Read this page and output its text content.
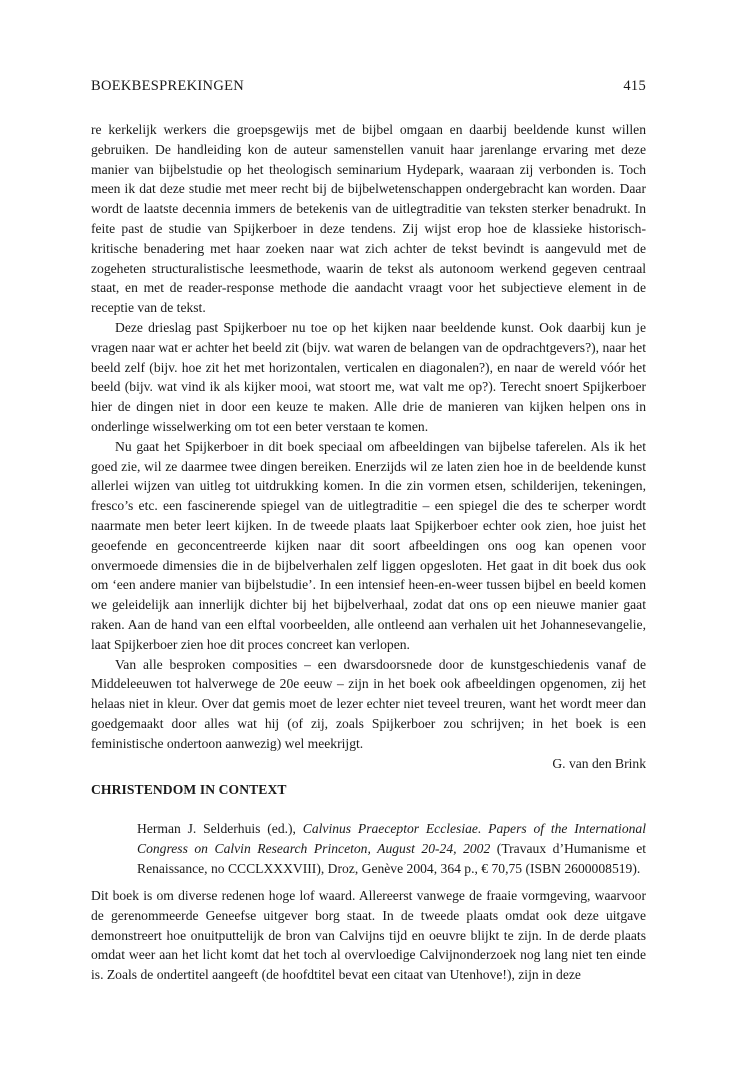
BOEKBESPREKINGEN	415

re kerkelijk werkers die groepsgewijs met de bijbel omgaan en daarbij beeldende kunst willen gebruiken. De handleiding kon de auteur samenstellen vanuit haar jarenlange ervaring met deze manier van bijbelstudie op het theologisch seminarium Hydepark, waaraan zij verbonden is. Toch meen ik dat deze studie met meer recht bij de bijbelwetenschappen ondergebracht kan worden. Daar wordt de laatste decennia immers de betekenis van de uitlegtraditie van teksten sterker benadrukt. In feite past de studie van Spijkerboer in deze tendens. Zij wijst erop hoe de klassieke historisch-kritische benadering met haar zoeken naar wat zich achter de tekst bevindt is aangevuld met de zogeheten structuralistische leesmethode, waarin de tekst als autonoom werkend gegeven centraal staat, en met de reader-response methode die aandacht vraagt voor het subjectieve element in de receptie van de tekst.

Deze drieslag past Spijkerboer nu toe op het kijken naar beeldende kunst. Ook daarbij kun je vragen naar wat er achter het beeld zit (bijv. wat waren de belangen van de opdrachtgevers?), naar het beeld zelf (bijv. hoe zit het met horizontalen, verticalen en diagonalen?), en naar de wereld vóór het beeld (bijv. wat vind ik als kijker mooi, wat stoort me, wat valt me op?). Terecht snoert Spijkerboer hier de dingen niet in door een keuze te maken. Alle drie de manieren van kijken helpen ons in onderlinge wisselwerking om tot een beter verstaan te komen.

Nu gaat het Spijkerboer in dit boek speciaal om afbeeldingen van bijbelse taferelen. Als ik het goed zie, wil ze daarmee twee dingen bereiken. Enerzijds wil ze laten zien hoe in de beeldende kunst allerlei wijzen van uitleg tot uitdrukking komen. In die zin vormen etsen, schilderijen, tekeningen, fresco’s etc. een fascinerende spiegel van de uitlegtraditie – een spiegel die des te scherper wordt naarmate men beter leert kijken. In de tweede plaats laat Spijkerboer echter ook zien, hoe juist het geoefende en geconcentreerde kijken naar dit soort afbeeldingen ons oog kan openen voor onvermoede dimensies die in de bijbelverhalen zelf liggen opgesloten. Het gaat in dit boek dus ook om ‘een andere manier van bijbelstudie’. In een intensief heen-en-weer tussen bijbel en beeld komen we geleidelijk aan innerlijk dichter bij het bijbelverhaal, zodat dat ons op een nieuwe manier gaat raken. Aan de hand van een elftal voorbeelden, alle ontleend aan verhalen uit het Johannesevangelie, laat Spijkerboer zien hoe dit proces concreet kan verlopen.

Van alle besproken composities – een dwarsdoorsnede door de kunstgeschiedenis vanaf de Middeleeuwen tot halverwege de 20e eeuw – zijn in het boek ook afbeeldingen opgenomen, zij het helaas niet in kleur. Over dat gemis moet de lezer echter niet teveel treuren, want het wordt meer dan goedgemaakt door alles wat hij (of zij, zoals Spijkerboer zou schrijven; in het boek is een feministische ondertoon aanwezig) wel meekrijgt.

G. van den Brink

CHRISTENDOM IN CONTEXT
Herman J. Selderhuis (ed.), Calvinus Praeceptor Ecclesiae. Papers of the International Congress on Calvin Research Princeton, August 20-24, 2002 (Travaux d’Humanisme et Renaissance, no CCCLXXXVIII), Droz, Genève 2004, 364 p., € 70,75 (ISBN 2600008519).

Dit boek is om diverse redenen hoge lof waard. Allereerst vanwege de fraaie vormgeving, waarvoor de gerenommeerde Geneefse uitgever borg staat. In de tweede plaats omdat ook deze uitgave demonstreert hoe onuitputtelijk de bron van Calvijns tijd en oeuvre blijkt te zijn. In de derde plaats omdat weer aan het licht komt dat het toch al overvloedige Calvijnonderzoek nog lang niet ten einde is. Zoals de ondertitel aangeeft (de hoofdtitel bevat een citaat van Utenhove!), zijn in deze
